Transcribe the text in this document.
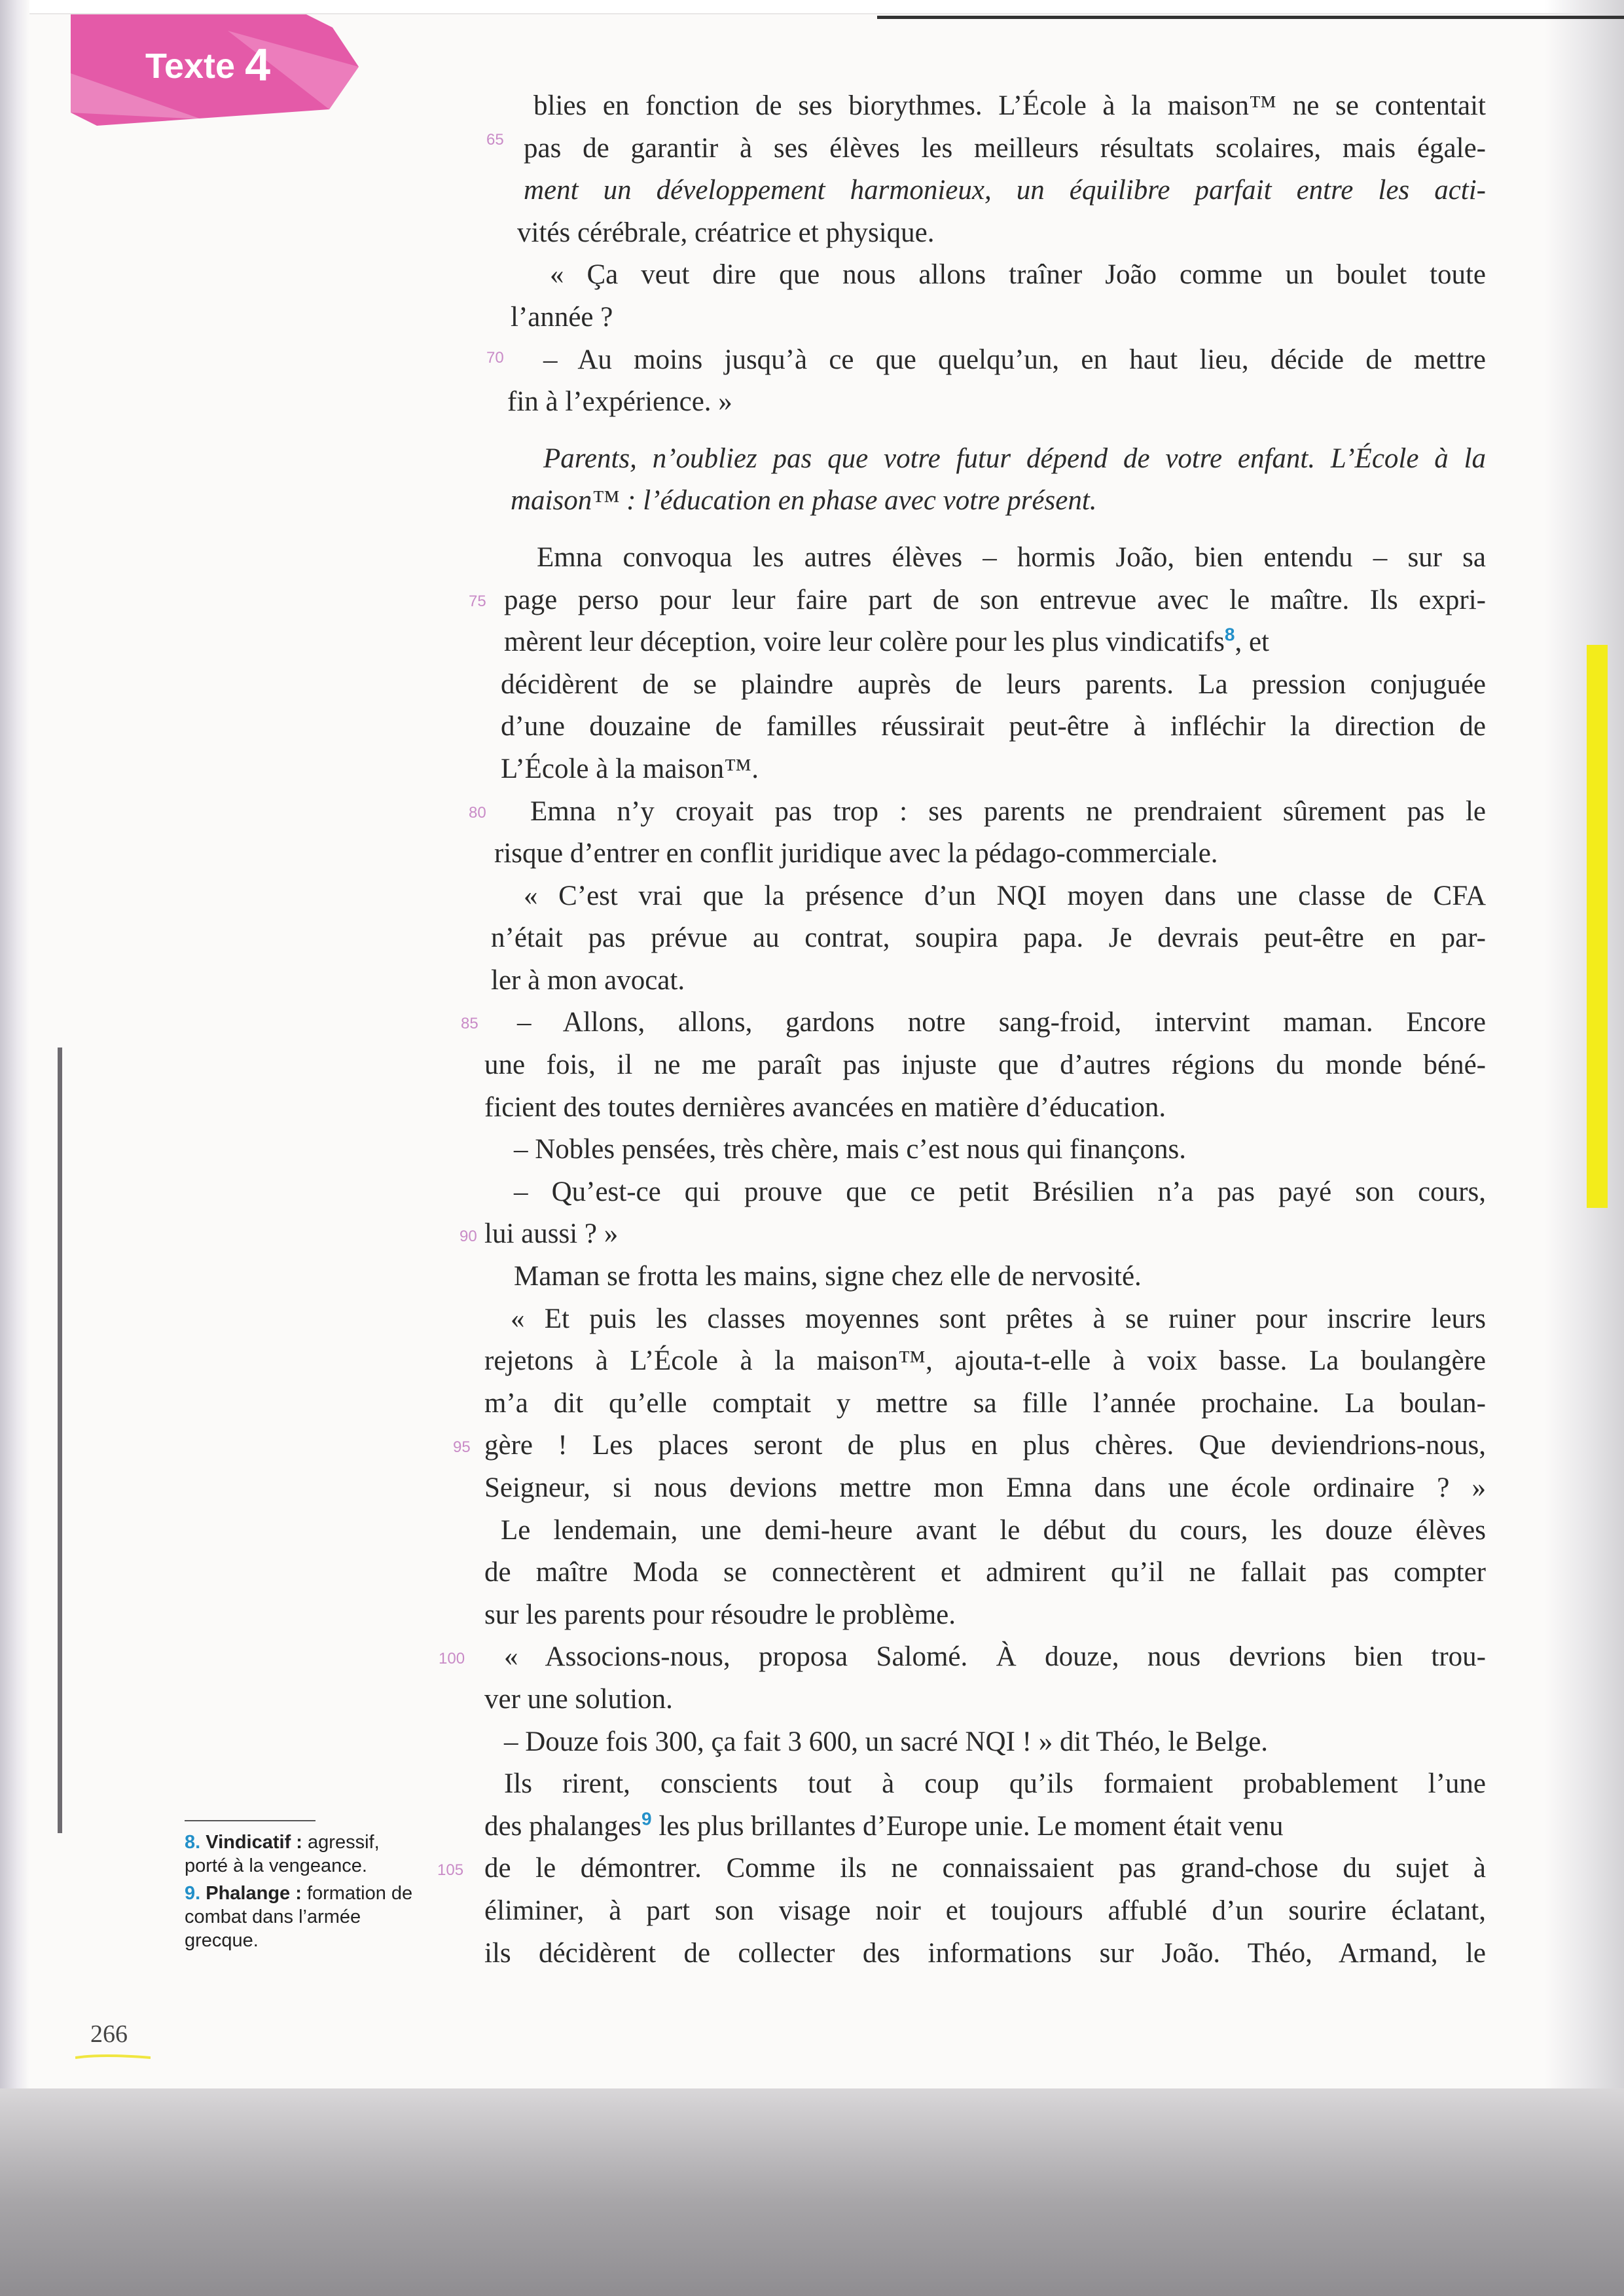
Texte 4
65
70
75
80
85
90
95
100
105
blies en fonction de ses biorythmes. L’École à la maison™ ne se contentait
pas de garantir à ses élèves les meilleurs résultats scolaires, mais égale-
ment un développement harmonieux, un équilibre parfait entre les acti-
vités cérébrale, créatrice et physique.
« Ça veut dire que nous allons traîner João comme un boulet toute
l’année ?
– Au moins jusqu’à ce que quelqu’un, en haut lieu, décide de mettre
fin à l’expérience. »
Parents, n’oubliez pas que votre futur dépend de votre enfant. L’École à la
maison™ : l’éducation en phase avec votre présent.
Emna convoqua les autres élèves – hormis João, bien entendu – sur sa
page perso pour leur faire part de son entrevue avec le maître. Ils expri-
mèrent leur déception, voire leur colère pour les plus vindicatifs$^8$, et
décidèrent de se plaindre auprès de leurs parents. La pression conjuguée
d’une douzaine de familles réussirait peut-être à infléchir la direction de
L’École à la maison™.
Emna n’y croyait pas trop : ses parents ne prendraient sûrement pas le
risque d’entrer en conflit juridique avec la pédago-commerciale.
« C’est vrai que la présence d’un NQI moyen dans une classe de CFA
n’était pas prévue au contrat, soupira papa. Je devrais peut-être en par-
ler à mon avocat.
– Allons, allons, gardons notre sang-froid, intervint maman. Encore
une fois, il ne me paraît pas injuste que d’autres régions du monde béné-
ficient des toutes dernières avancées en matière d’éducation.
– Nobles pensées, très chère, mais c’est nous qui finançons.
– Qu’est-ce qui prouve que ce petit Brésilien n’a pas payé son cours,
lui aussi ? »
Maman se frotta les mains, signe chez elle de nervosité.
« Et puis les classes moyennes sont prêtes à se ruiner pour inscrire leurs
rejetons à L’École à la maison™, ajouta-t-elle à voix basse. La boulangère
m’a dit qu’elle comptait y mettre sa fille l’année prochaine. La boulan-
gère ! Les places seront de plus en plus chères. Que deviendrions-nous,
Seigneur, si nous devions mettre mon Emna dans une école ordinaire ? »
Le lendemain, une demi-heure avant le début du cours, les douze élèves
de maître Moda se connectèrent et admirent qu’il ne fallait pas compter
sur les parents pour résoudre le problème.
« Associons-nous, proposa Salomé. À douze, nous devrions bien trou-
ver une solution.
– Douze fois 300, ça fait 3 600, un sacré NQI ! » dit Théo, le Belge.
Ils rirent, conscients tout à coup qu’ils formaient probablement l’une
des phalanges$^9$ les plus brillantes d’Europe unie. Le moment était venu
de le démontrer. Comme ils ne connaissaient pas grand-chose du sujet à
éliminer, à part son visage noir et toujours affublé d’un sourire éclatant,
ils décidèrent de collecter des informations sur João. Théo, Armand, le

8. Vindicatif : agressif, porté à la vengeance.

9. Phalange : formation de combat dans l’armée grecque.

266
